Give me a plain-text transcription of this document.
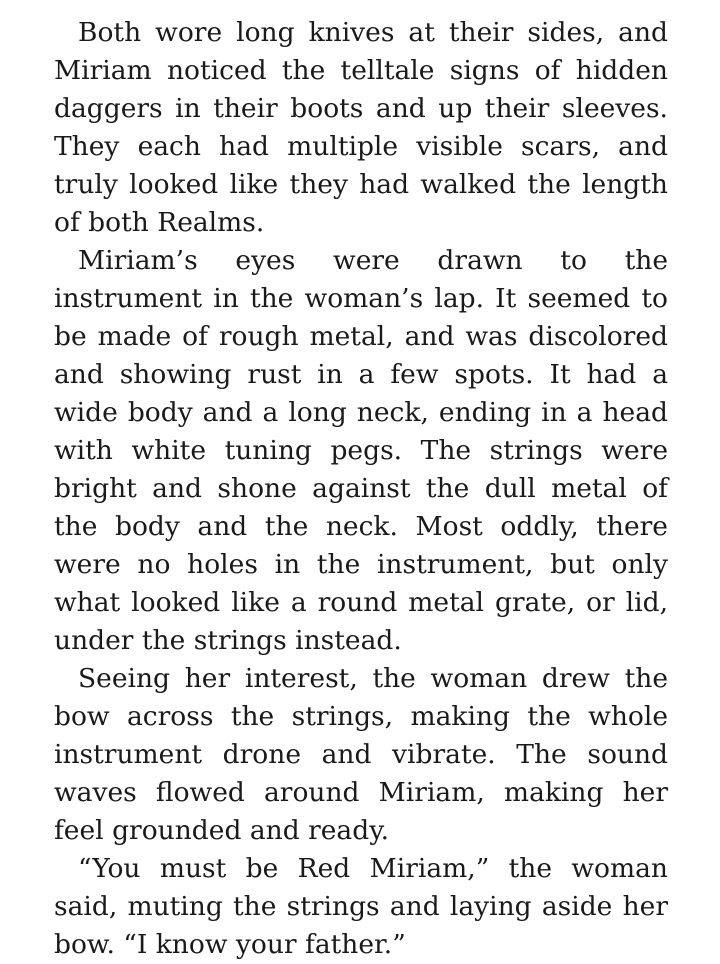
Both wore long knives at their sides, and Miriam noticed the telltale signs of hidden daggers in their boots and up their sleeves. They each had multiple visible scars, and truly looked like they had walked the length of both Realms.

Miriam’s eyes were drawn to the instrument in the woman’s lap. It seemed to be made of rough metal, and was discolored and showing rust in a few spots. It had a wide body and a long neck, ending in a head with white tuning pegs. The strings were bright and shone against the dull metal of the body and the neck. Most oddly, there were no holes in the instrument, but only what looked like a round metal grate, or lid, under the strings instead.

Seeing her interest, the woman drew the bow across the strings, making the whole instrument drone and vibrate. The sound waves flowed around Miriam, making her feel grounded and ready.

“You must be Red Miriam,” the woman said, muting the strings and laying aside her bow. “I know your father.”
